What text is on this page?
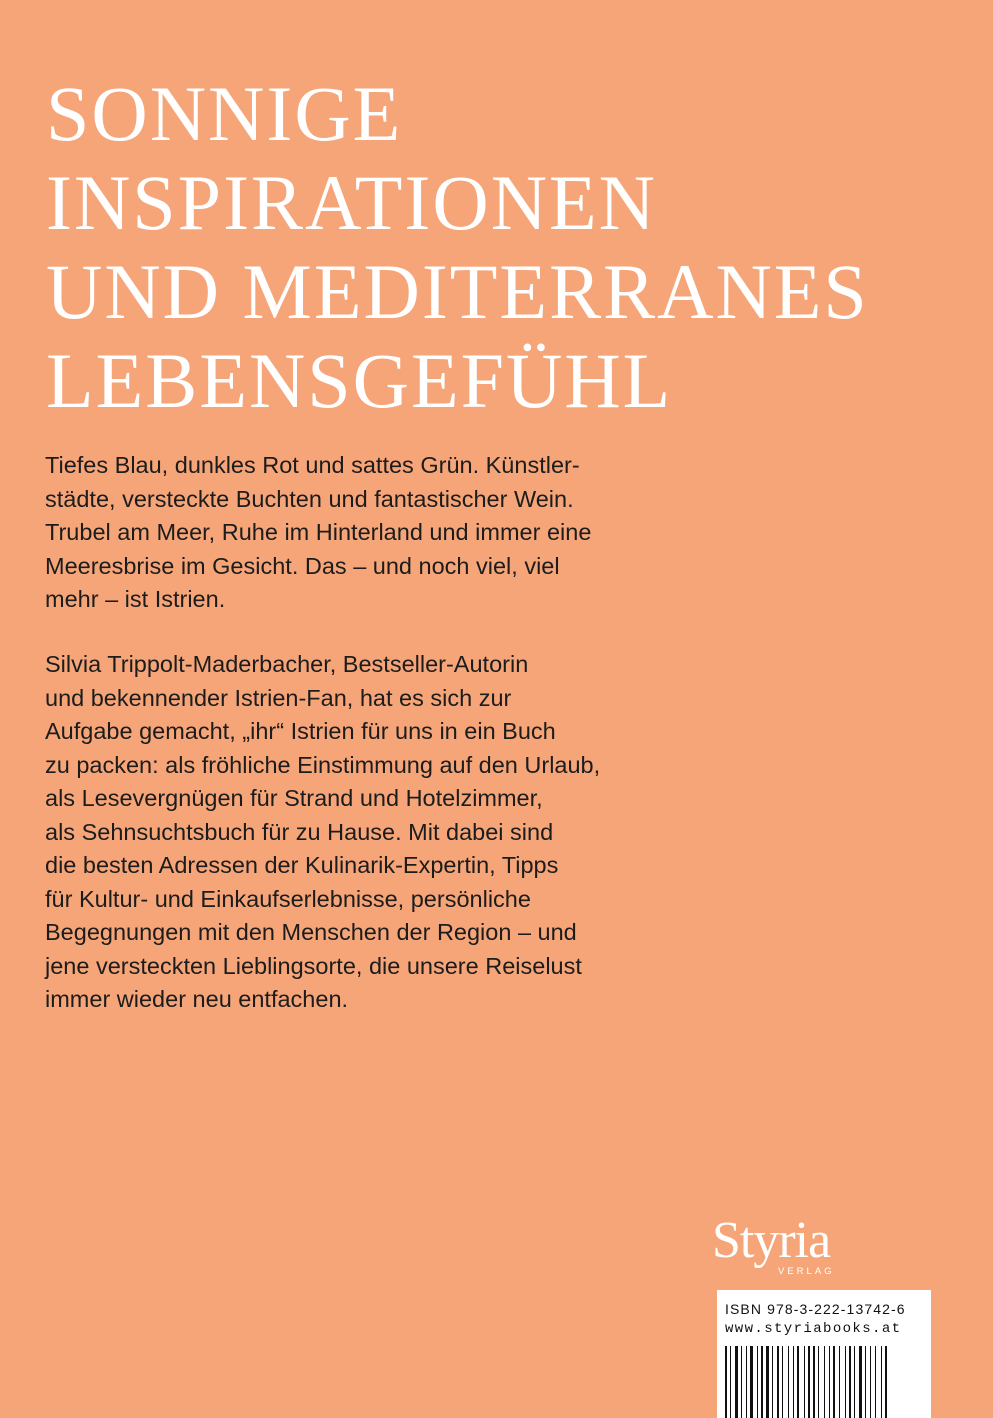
SONNIGE
INSPIRATIONEN
UND MEDITERRANES
LEBENSGEFÜHL
Tiefes Blau, dunkles Rot und sattes Grün. Künstler-
städte, versteckte Buchten und fantastischer Wein.
Trubel am Meer, Ruhe im Hinterland und immer eine
Meeresbrise im Gesicht. Das – und noch viel, viel
mehr – ist Istrien.
Silvia Trippolt-Maderbacher, Bestseller-Autorin
und bekennender Istrien-Fan, hat es sich zur
Aufgabe gemacht, „ihr“ Istrien für uns in ein Buch
zu packen: als fröhliche Einstimmung auf den Urlaub,
als Lesevergnügen für Strand und Hotelzimmer,
als Sehnsuchtsbuch für zu Hause. Mit dabei sind
die besten Adressen der Kulinarik-Expertin, Tipps
für Kultur- und Einkaufserlebnisse, persönliche
Begegnungen mit den Menschen der Region – und
jene versteckten Lieblingsorte, die unsere Reiselust
immer wieder neu entfachen.
Styria
VERLAG
ISBN 978-3-222-13742-6
www.styriabooks.at
